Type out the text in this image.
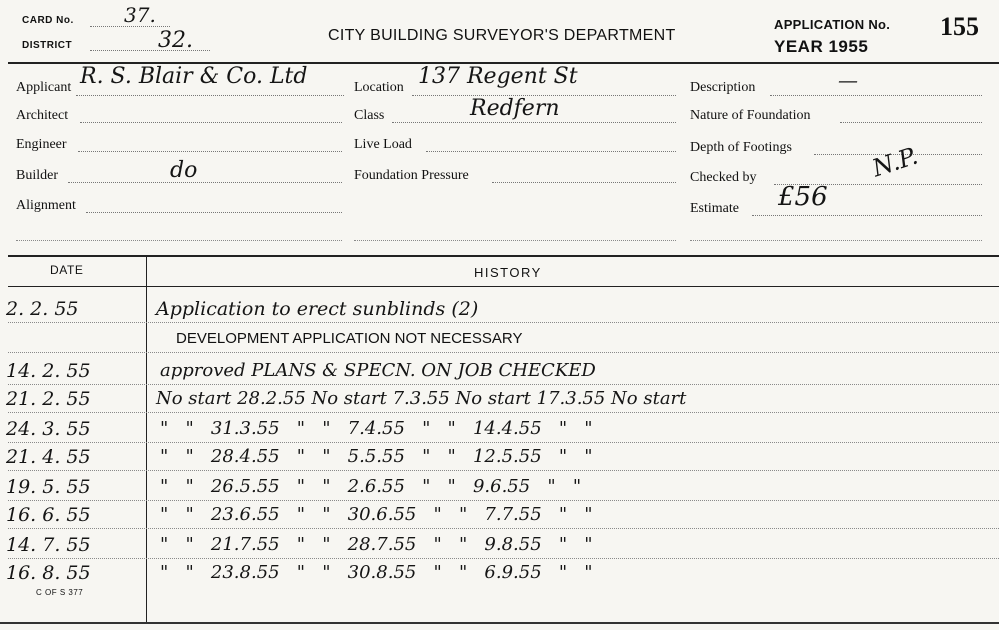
CARD No.	37.
DISTRICT	32.	CITY BUILDING SURVEYOR'S DEPARTMENT
APPLICATION No. 155
YEAR 1955
Applicant R. S. Blair & Co. Ltd
Architect
Engineer
Builder	do
Alignment
Location 137 Regent St
Class	Redfern
Live Load
Foundation Pressure
Description	—
Nature of Foundation
Depth of Footings
Checked by	N.P.
Estimate £56
DATE	HISTORY
2. 2. 55	Application to erect sunblinds (2)
DEVELOPMENT APPLICATION NOT NECESSARY
14. 2. 55	approved PLANS & SPECN. ON JOB CHECKED
21. 2. 55	No start 28.2.55 No start 7.3.55 No start 17.3.55 No start
24. 3. 55	"   "   31.3.55   "   "   7.4.55   "   "   14.4.55   "   "
21. 4. 55	"   "   28.4.55   "   "   5.5.55   "   "   12.5.55   "   "
19. 5. 55	"   "   26.5.55   "   "   2.6.55   "   "   9.6.55   "   "
16. 6. 55	"   "   23.6.55   "   "   30.6.55   "   "   7.7.55   "   "
14. 7. 55	"   "   21.7.55   "   "   28.7.55   "   "   9.8.55   "   "
16. 8. 55	"   "   23.8.55   "   "   30.8.55   "   "   6.9.55   "   "
C OF S 377
